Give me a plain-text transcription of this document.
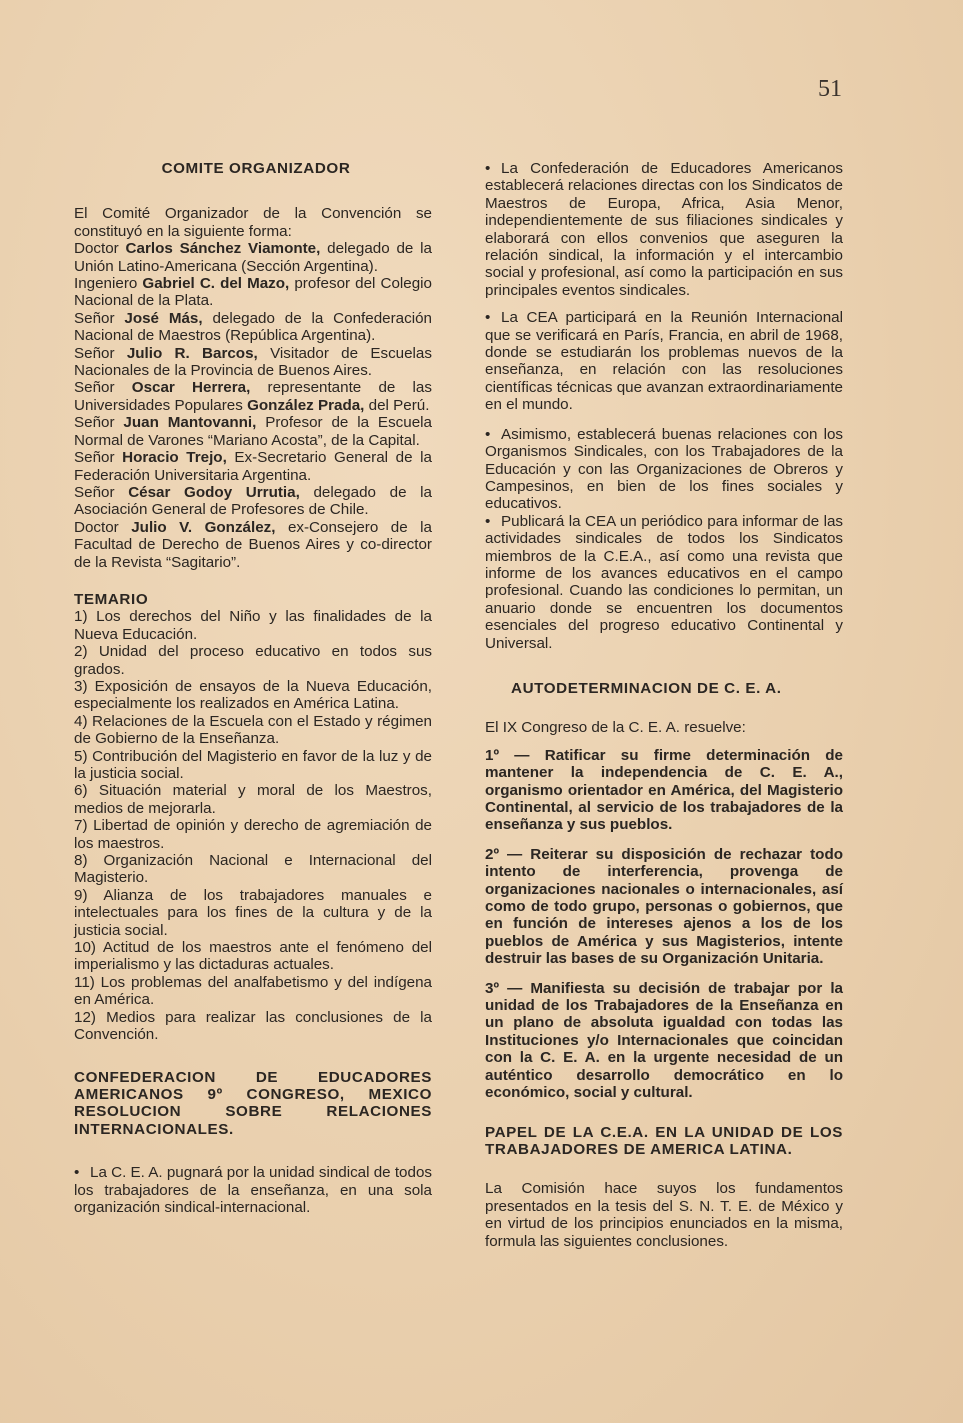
51
COMITE ORGANIZADOR

El Comité Organizador de la Convención se constituyó en la siguiente forma:

Doctor Carlos Sánchez Viamonte, delegado de la Unión Latino-Americana (Sección Argentina).

Ingeniero Gabriel C. del Mazo, profesor del Colegio Nacional de la Plata.

Señor José Más, delegado de la Confederación Nacional de Maestros (República Argentina).

Señor Julio R. Barcos, Visitador de Escuelas Nacionales de la Provincia de Buenos Aires.

Señor Oscar Herrera, representante de las Universidades Populares González Prada, del Perú.

Señor Juan Mantovanni, Profesor de la Escuela Normal de Varones “Mariano Acosta”, de la Capital.

Señor Horacio Trejo, Ex-Secretario General de la Federación Universitaria Argentina.

Señor César Godoy Urrutia, delegado de la Asociación General de Profesores de Chile.

Doctor Julio V. González, ex-Consejero de la Facultad de Derecho de Buenos Aires y co-director de la Revista “Sagitario”.

TEMARIO

1) Los derechos del Niño y las finalidades de la Nueva Educación.

2) Unidad del proceso educativo en todos sus grados.

3) Exposición de ensayos de la Nueva Educación, especialmente los realizados en América Latina.

4) Relaciones de la Escuela con el Estado y régimen de Gobierno de la Enseñanza.

5) Contribución del Magisterio en favor de la luz y de la justicia social.

6) Situación material y moral de los Maestros, medios de mejorarla.

7) Libertad de opinión y derecho de agremiación de los maestros.

8) Organización Nacional e Internacional del Magisterio.

9) Alianza de los trabajadores manuales e intelectuales para los fines de la cultura y de la justicia social.

10) Actitud de los maestros ante el fenómeno del imperialismo y las dictaduras actuales.

11) Los problemas del analfabetismo y del indígena en América.

12) Medios para realizar las conclusiones de la Convención.

CONFEDERACION DE EDUCADORES AMERICANOS 9º CONGRESO, MEXICO RESOLUCION SOBRE RELACIONES INTERNACIONALES.

• La C. E. A. pugnará por la unidad sindical de todos los trabajadores de la enseñanza, en una sola organización sindical-internacional.

• La Confederación de Educadores Americanos establecerá relaciones directas con los Sindicatos de Maestros de Europa, Africa, Asia Menor, independientemente de sus filiaciones sindicales y elaborará con ellos convenios que aseguren la relación sindical, la información y el intercambio social y profesional, así como la participación en sus principales eventos sindicales.

• La CEA participará en la Reunión Internacional que se verificará en París, Francia, en abril de 1968, donde se estudiarán los problemas nuevos de la enseñanza, en relación con las resoluciones científicas técnicas que avanzan extraordinariamente en el mundo.

• Asimismo, establecerá buenas relaciones con los Organismos Sindicales, con los Trabajadores de la Educación y con las Organizaciones de Obreros y Campesinos, en bien de los fines sociales y educativos.

• Publicará la CEA un periódico para informar de las actividades sindicales de todos los Sindicatos miembros de la C.E.A., así como una revista que informe de los avances educativos en el campo profesional. Cuando las condiciones lo permitan, un anuario donde se encuentren los documentos esenciales del progreso educativo Continental y Universal.

AUTODETERMINACION DE C. E. A.

El IX Congreso de la C. E. A. resuelve:

1º — Ratificar su firme determinación de mantener la independencia de C. E. A., organismo orientador en América, del Magisterio Continental, al servicio de los trabajadores de la enseñanza y sus pueblos.

2º — Reiterar su disposición de rechazar todo intento de interferencia, provenga de organizaciones nacionales o internacionales, así como de todo grupo, personas o gobiernos, que en función de intereses ajenos a los de los pueblos de América y sus Magisterios, intente destruir las bases de su Organización Unitaria.

3º — Manifiesta su decisión de trabajar por la unidad de los Trabajadores de la Enseñanza en un plano de absoluta igualdad con todas las Instituciones y/o Internacionales que coincidan con la C. E. A. en la urgente necesidad de un auténtico desarrollo democrático en lo económico, social y cultural.

PAPEL DE LA C.E.A. EN LA UNIDAD DE LOS TRABAJADORES DE AMERICA LATINA.

La Comisión hace suyos los fundamentos presentados en la tesis del S. N. T. E. de México y en virtud de los principios enunciados en la misma, formula las siguientes conclusiones.
